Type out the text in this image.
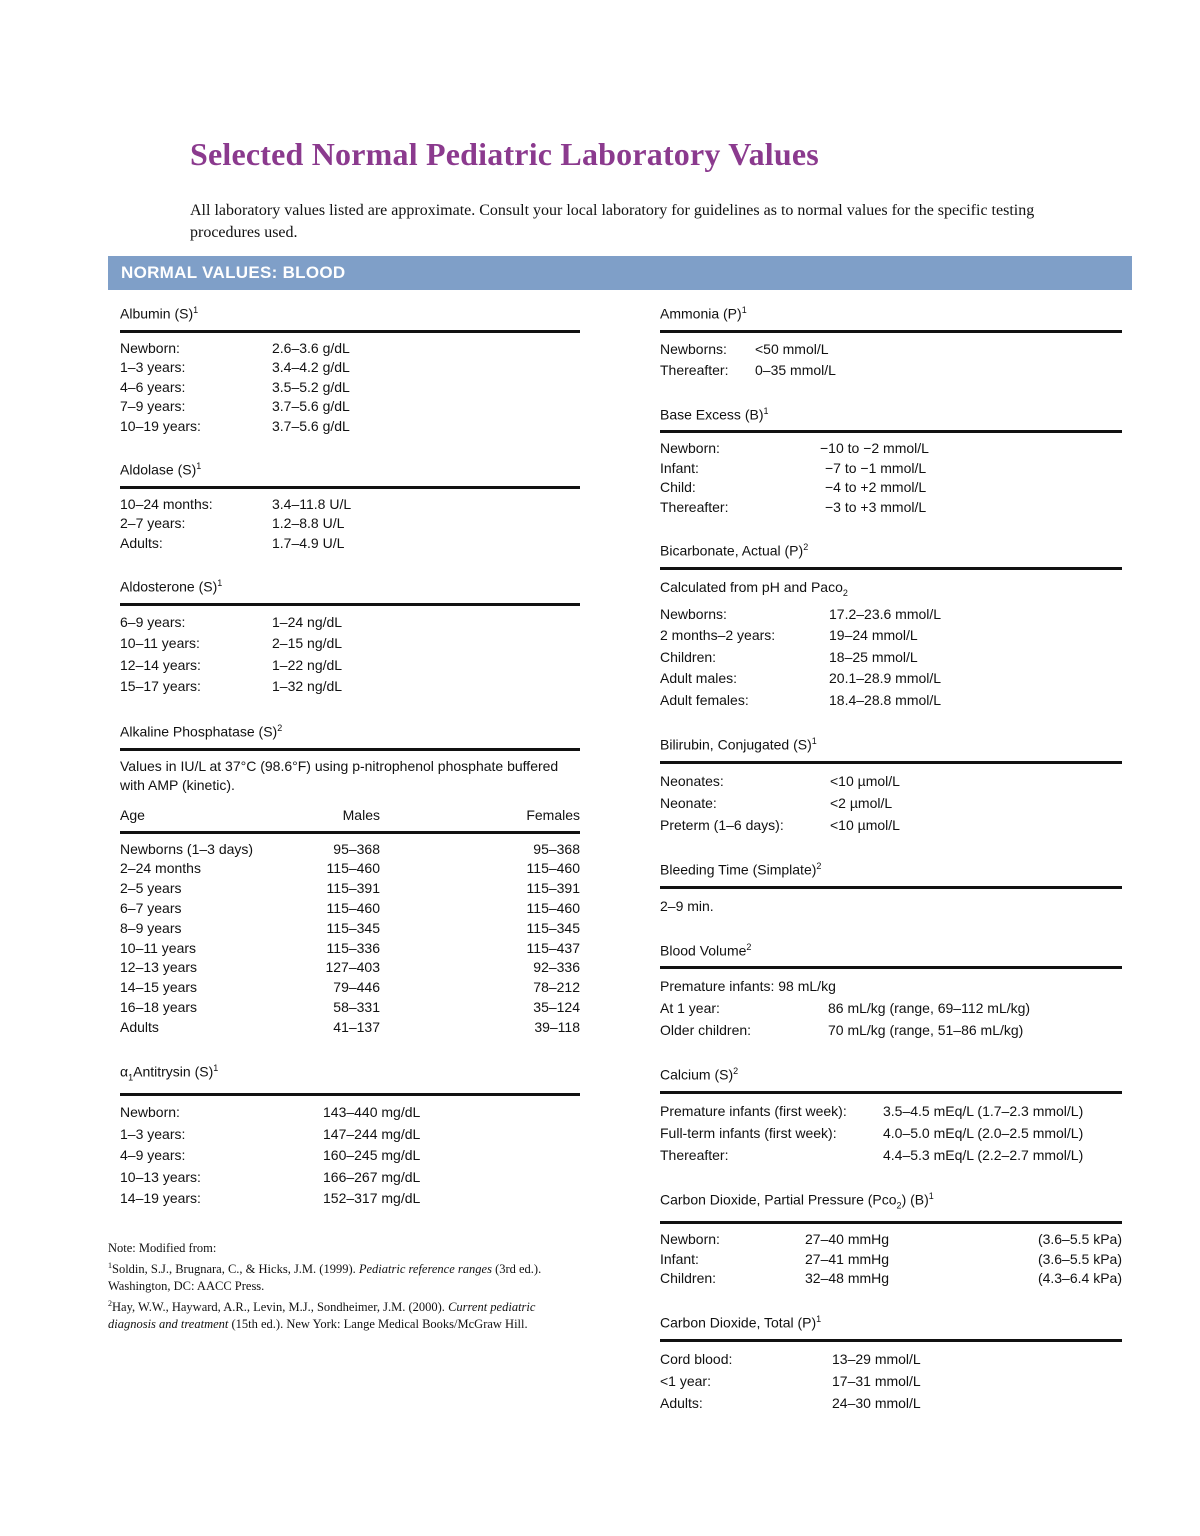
Selected Normal Pediatric Laboratory Values

All laboratory values listed are approximate. Consult your local laboratory for guidelines as to normal values for the specific testing procedures used.

NORMAL VALUES: BLOOD
Albumin $(S)^1$
Newborn:	2.6–3.6 g/dL
1–3 years:	3.4–4.2 g/dL
4–6 years:	3.5–5.2 g/dL
7–9 years:	3.7–5.6 g/dL
10–19 years:	3.7–5.6 g/dL
Aldolase $(S)^1$
10–24 months:	3.4–11.8 U/L
2–7 years:	1.2–8.8 U/L
Adults:	1.7–4.9 U/L
Aldosterone $(S)^1$
6–9 years:	1–24 ng/dL
10–11 years:	2–15 ng/dL
12–14 years:	1–22 ng/dL
15–17 years:	1–32 ng/dL
Alkaline Phosphatase $(S)^2$
Values in IU/L at 37°C (98.6°F) using p-nitrophenol phosphate buffered with AMP (kinetic).
Age	Males	Females
Newborns (1–3 days)	95–368	95–368
2–24 months	115–460	115–460
2–5 years	115–391	115–391
6–7 years	115–460	115–460
8–9 years	115–345	115–345
10–11 years	115–336	115–437
12–13 years	127–403	92–336
14–15 years	79–446	78–212
16–18 years	58–331	35–124
Adults	41–137	39–118
$\alpha_1Antitrysin$ $(S)^1$
Newborn:	143–440 mg/dL
1–3 years:	147–244 mg/dL
4–9 years:	160–245 mg/dL
10–13 years:	166–267 mg/dL
14–19 years:	152–317 mg/dL
Note: Modified from:
$^1$Soldin, S.J., Brugnara, C., & Hicks, J.M. (1999). Pediatric reference ranges (3rd ed.). Washington, DC: AACC Press.
$^2$Hay, W.W., Hayward, A.R., Levin, M.J., Sondheimer, J.M. (2000). Current pediatric diagnosis and treatment (15th ed.). New York: Lange Medical Books/McGraw Hill.
Ammonia $(P)^1$
Newborns:	<50 mmol/L
Thereafter:	0–35 mmol/L
Base Excess $(B)^1$
Newborn:	−10 to −2 mmol/L
Infant:	−7 to −1 mmol/L
Child:	−4 to +2 mmol/L
Thereafter:	−3 to +3 mmol/L
Bicarbonate, Actual $(P)^2$
Calculated from pH and Paco$_2$
Newborns:	17.2–23.6 mmol/L
2 months–2 years:	19–24 mmol/L
Children:	18–25 mmol/L
Adult males:	20.1–28.9 mmol/L
Adult females:	18.4–28.8 mmol/L
Bilirubin, Conjugated $(S)^1$
Neonates:	<10 µmol/L
Neonate:	<2 µmol/L
Preterm (1–6 days):	<10 µmol/L
Bleeding Time (Simplate)$^2$
2–9 min.
Blood Volume$^2$
Premature infants: 98 mL/kg
At 1 year:	86 mL/kg (range, 69–112 mL/kg)
Older children:	70 mL/kg (range, 51–86 mL/kg)
Calcium $(S)^2$
Premature infants (first week):	3.5–4.5 mEq/L (1.7–2.3 mmol/L)
Full-term infants (first week):	4.0–5.0 mEq/L (2.0–2.5 mmol/L)
Thereafter:	4.4–5.3 mEq/L (2.2–2.7 mmol/L)
Carbon Dioxide, Partial Pressure (Pco$_2$) $(B)^1$
Newborn:	27–40 mmHg	(3.6–5.5 kPa)
Infant:	27–41 mmHg	(3.6–5.5 kPa)
Children:	32–48 mmHg	(4.3–6.4 kPa)
Carbon Dioxide, Total $(P)^1$
Cord blood:	13–29 mmol/L
<1 year:	17–31 mmol/L
Adults:	24–30 mmol/L
